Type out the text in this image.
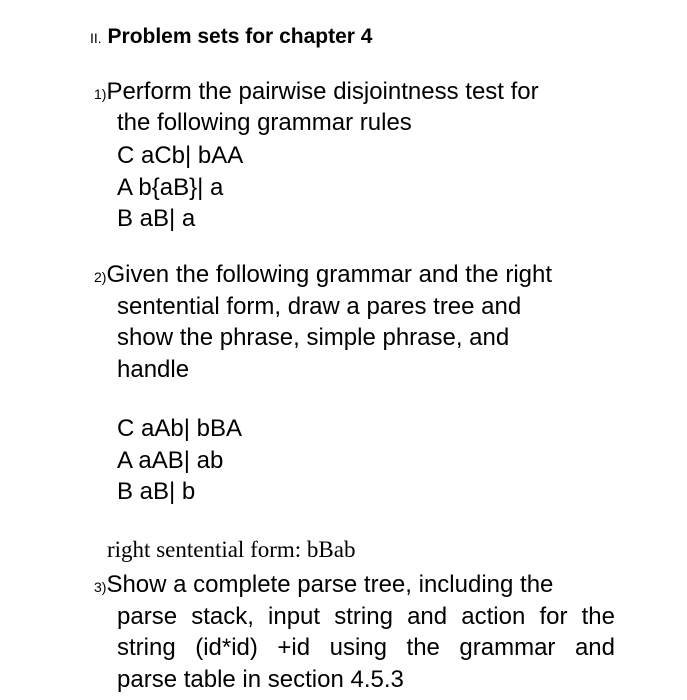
II. Problem sets for chapter 4
1)Perform the pairwise disjointness test for
the following grammar rules
C aCb| bAA
A b{aB}| a
B aB| a
2)Given the following grammar and the right
sentential form, draw a pares tree and
show the phrase, simple phrase, and
handle
C aAb| bBA
A aAB| ab
B aB| b
right sentential form: bBab
3)Show a complete parse tree, including the
parse stack, input string and action for the
string (id*id) +id using the grammar and
parse table in section 4.5.3
